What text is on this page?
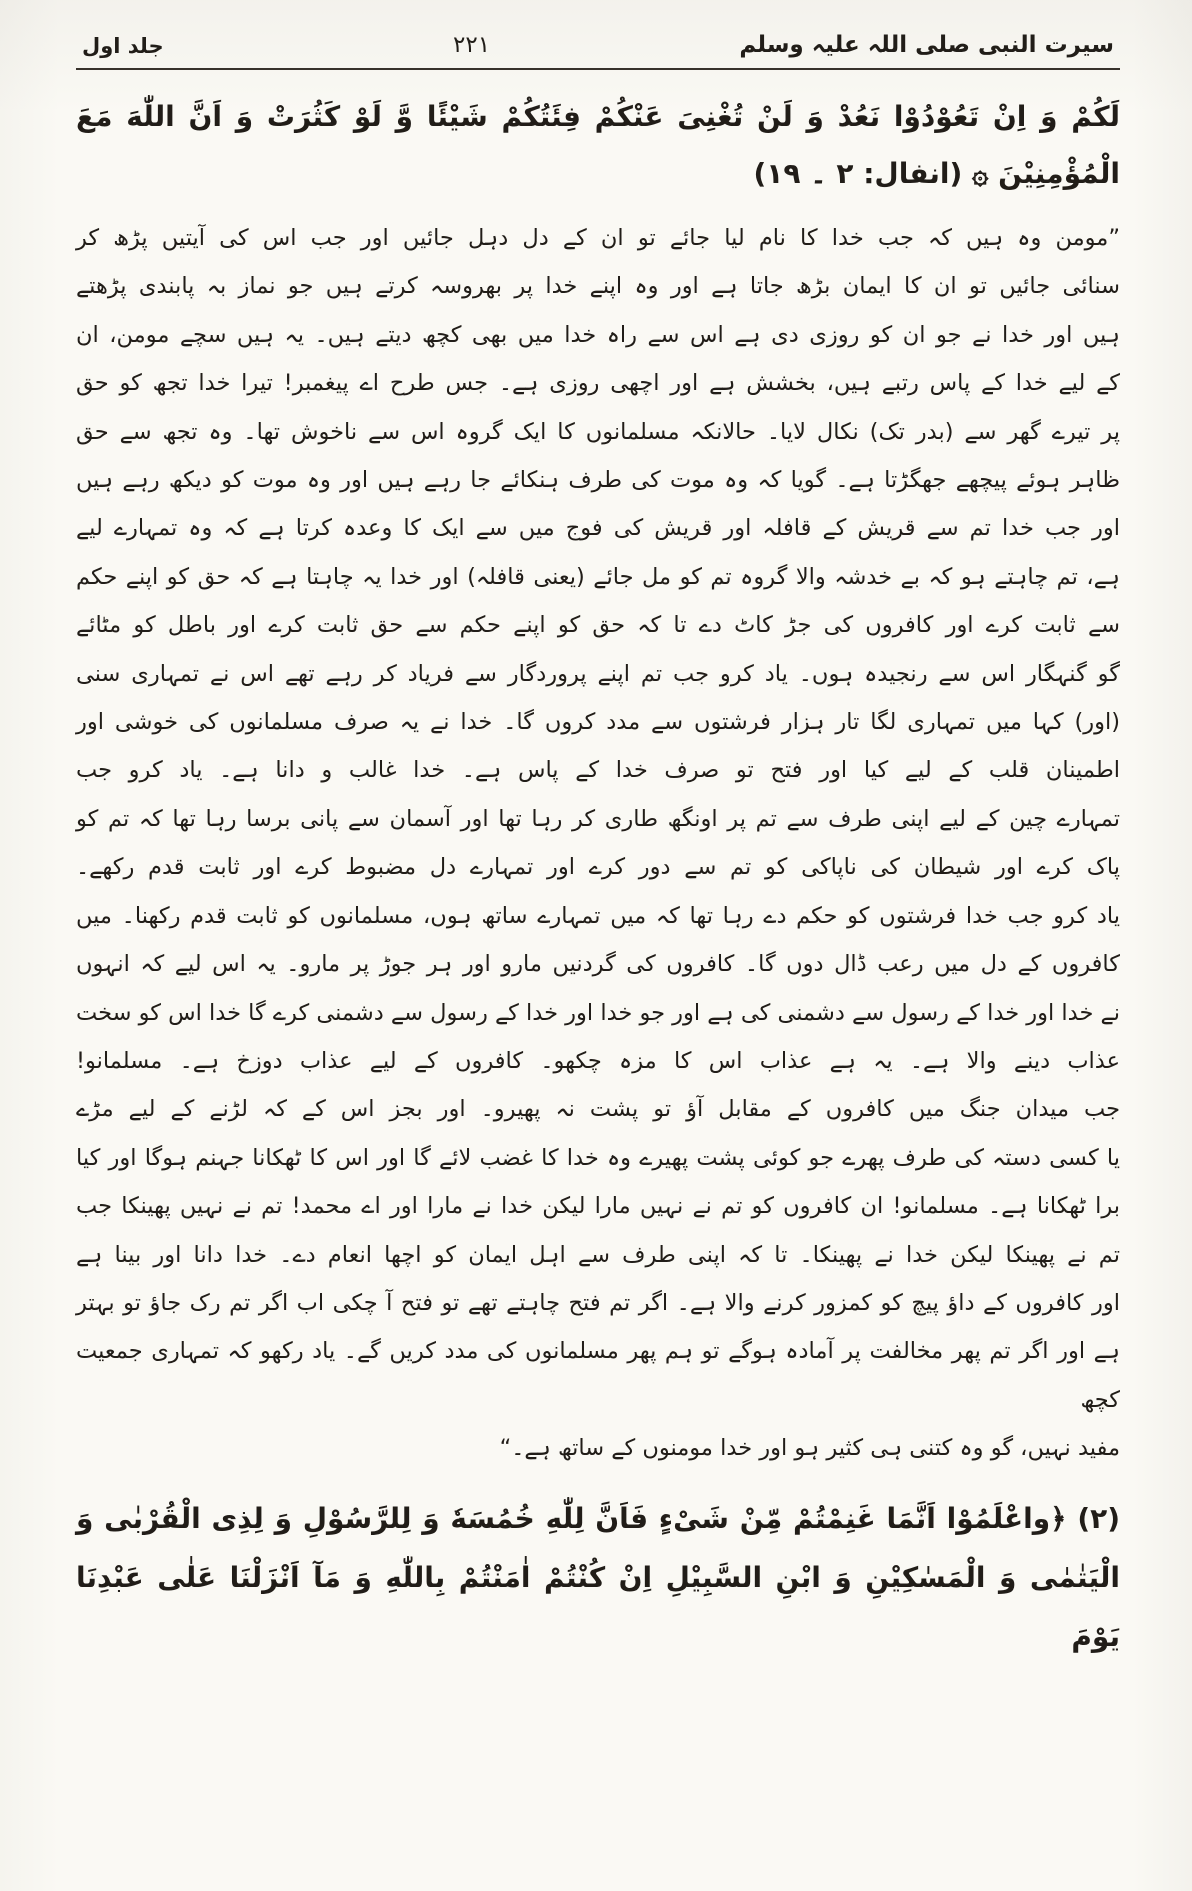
سیرت النبی صلی اللہ علیہ وسلم
۲۲۱
جلد اول
لَکُمْ وَ اِنْ تَعُوْدُوْا نَعُدْ وَ لَنْ تُغْنِیَ عَنْکُمْ فِئَتُکُمْ شَیْئًا وَّ لَوْ کَثُرَتْ وَ اَنَّ اللّٰهَ مَعَ
الْمُؤْمِنِیْنَ ۞ (انفال: ۲ ۔ ۱۹)
”مومن وہ ہیں کہ جب خدا کا نام لیا جائے تو ان کے دل دہل جائیں اور جب اس کی آیتیں پڑھ کر
سنائی جائیں تو ان کا ایمان بڑھ جاتا ہے اور وہ اپنے خدا پر بھروسہ کرتے ہیں جو نماز بہ پابندی پڑھتے
ہیں اور خدا نے جو ان کو روزی دی ہے اس سے راہ خدا میں بھی کچھ دیتے ہیں۔ یہ ہیں سچے مومن، ان
کے لیے خدا کے پاس رتبے ہیں، بخشش ہے اور اچھی روزی ہے۔ جس طرح اے پیغمبر! تیرا خدا تجھ کو حق
پر تیرے گھر سے (بدر تک) نکال لایا۔ حالانکہ مسلمانوں کا ایک گروہ اس سے ناخوش تھا۔ وہ تجھ سے حق
ظاہر ہوئے پیچھے جھگڑتا ہے۔ گویا کہ وہ موت کی طرف ہنکائے جا رہے ہیں اور وہ موت کو دیکھ رہے ہیں
اور جب خدا تم سے قریش کے قافلہ اور قریش کی فوج میں سے ایک کا وعدہ کرتا ہے کہ وہ تمہارے لیے
ہے، تم چاہتے ہو کہ بے خدشہ والا گروہ تم کو مل جائے (یعنی قافلہ) اور خدا یہ چاہتا ہے کہ حق کو اپنے حکم
سے ثابت کرے اور کافروں کی جڑ کاٹ دے تا کہ حق کو اپنے حکم سے حق ثابت کرے اور باطل کو مٹائے
گو گنہگار اس سے رنجیدہ ہوں۔ یاد کرو جب تم اپنے پروردگار سے فریاد کر رہے تھے اس نے تمہاری سنی
(اور) کہا میں تمہاری لگا تار ہزار فرشتوں سے مدد کروں گا۔ خدا نے یہ صرف مسلمانوں کی خوشی اور
اطمینان قلب کے لیے کیا اور فتح تو صرف خدا کے پاس ہے۔ خدا غالب و دانا ہے۔ یاد کرو جب
تمہارے چین کے لیے اپنی طرف سے تم پر اونگھ طاری کر رہا تھا اور آسمان سے پانی برسا رہا تھا کہ تم کو
پاک کرے اور شیطان کی ناپاکی کو تم سے دور کرے اور تمہارے دل مضبوط کرے اور ثابت قدم رکھے۔
یاد کرو جب خدا فرشتوں کو حکم دے رہا تھا کہ میں تمہارے ساتھ ہوں، مسلمانوں کو ثابت قدم رکھنا۔ میں
کافروں کے دل میں رعب ڈال دوں گا۔ کافروں کی گردنیں مارو اور ہر جوڑ پر مارو۔ یہ اس لیے کہ انہوں
نے خدا اور خدا کے رسول سے دشمنی کی ہے اور جو خدا اور خدا کے رسول سے دشمنی کرے گا خدا اس کو سخت
عذاب دینے والا ہے۔ یہ ہے عذاب اس کا مزہ چکھو۔ کافروں کے لیے عذاب دوزخ ہے۔ مسلمانو!
جب میدان جنگ میں کافروں کے مقابل آؤ تو پشت نہ پھیرو۔ اور بجز اس کے کہ لڑنے کے لیے مڑے
یا کسی دستہ کی طرف پھرے جو کوئی پشت پھیرے وہ خدا کا غضب لائے گا اور اس کا ٹھکانا جہنم ہوگا اور کیا
برا ٹھکانا ہے۔ مسلمانو! ان کافروں کو تم نے نہیں مارا لیکن خدا نے مارا اور اے محمد! تم نے نہیں پھینکا جب
تم نے پھینکا لیکن خدا نے پھینکا۔ تا کہ اپنی طرف سے اہل ایمان کو اچھا انعام دے۔ خدا دانا اور بینا ہے
اور کافروں کے داؤ پیچ کو کمزور کرنے والا ہے۔ اگر تم فتح چاہتے تھے تو فتح آ چکی اب اگر تم رک جاؤ تو بہتر
ہے اور اگر تم پھر مخالفت پر آمادہ ہوگے تو ہم پھر مسلمانوں کی مدد کریں گے۔ یاد رکھو کہ تمہاری جمعیت کچھ
مفید نہیں، گو وہ کتنی ہی کثیر ہو اور خدا مومنوں کے ساتھ ہے۔“
(۲) ﴿واعْلَمُوْا اَنَّمَا غَنِمْتُمْ مِّنْ شَیْءٍ فَاَنَّ لِلّٰهِ خُمُسَهٗ وَ لِلرَّسُوْلِ وَ لِذِی الْقُرْبٰی وَ
الْیَتٰمٰی وَ الْمَسٰکِیْنِ وَ ابْنِ السَّبِیْلِ اِنْ کُنْتُمْ اٰمَنْتُمْ بِاللّٰهِ وَ مَآ اَنْزَلْنَا عَلٰی عَبْدِنَا یَوْمَ
